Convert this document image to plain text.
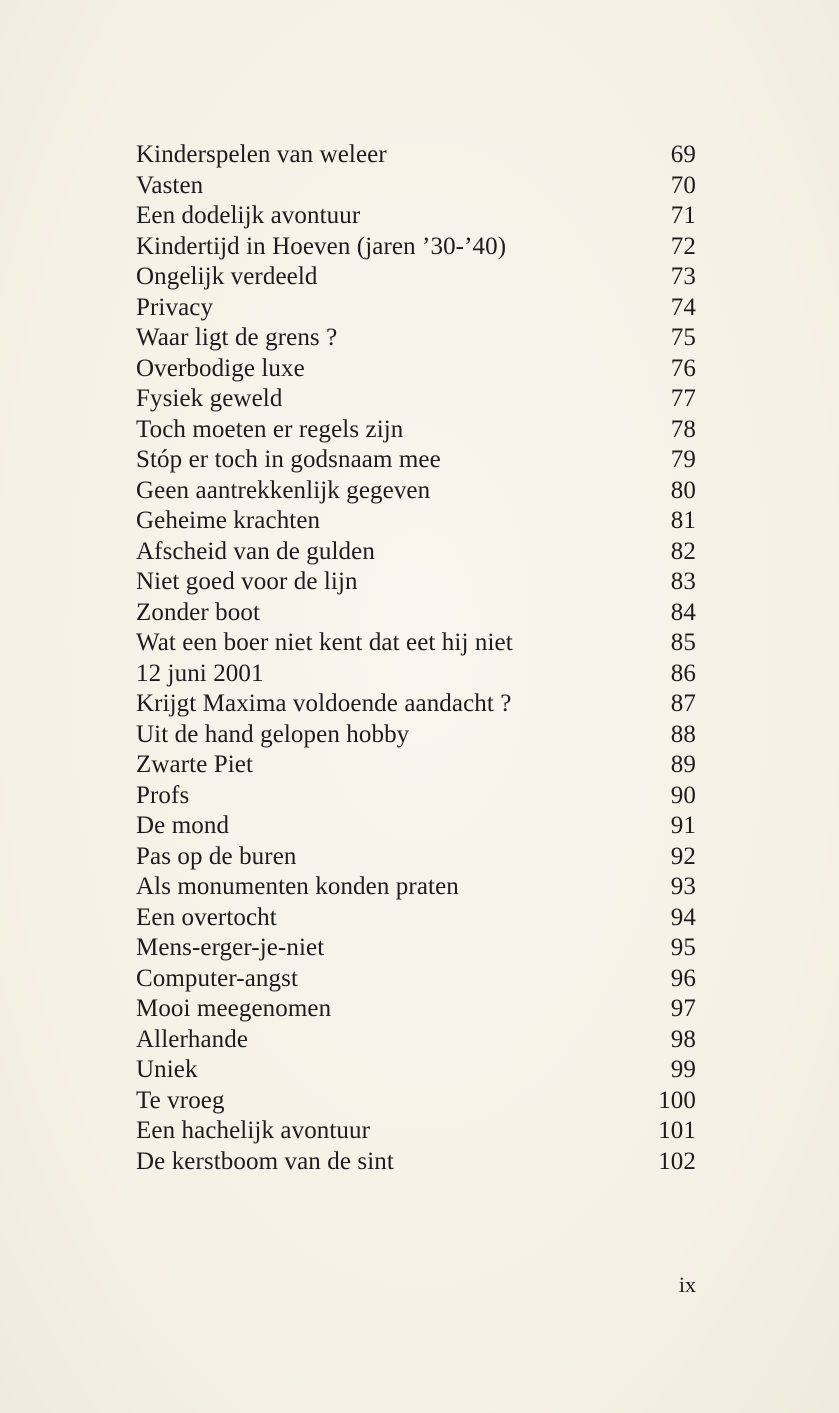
Kinderspelen van weleer	69
Vasten	70
Een dodelijk avontuur	71
Kindertijd in Hoeven (jaren ’30-’40)	72
Ongelijk verdeeld	73
Privacy	74
Waar ligt de grens ?	75
Overbodige luxe	76
Fysiek geweld	77
Toch moeten er regels zijn	78
Stóp er toch in godsnaam mee	79
Geen aantrekkenlijk gegeven	80
Geheime krachten	81
Afscheid van de gulden	82
Niet goed voor de lijn	83
Zonder boot	84
Wat een boer niet kent dat eet hij niet	85
12 juni 2001	86
Krijgt Maxima voldoende aandacht ?	87
Uit de hand gelopen hobby	88
Zwarte Piet	89
Profs	90
De mond	91
Pas op de buren	92
Als monumenten konden praten	93
Een overtocht	94
Mens-erger-je-niet	95
Computer-angst	96
Mooi meegenomen	97
Allerhande	98
Uniek	99
Te vroeg	100
Een hachelijk avontuur	101
De kerstboom van de sint	102
ix
